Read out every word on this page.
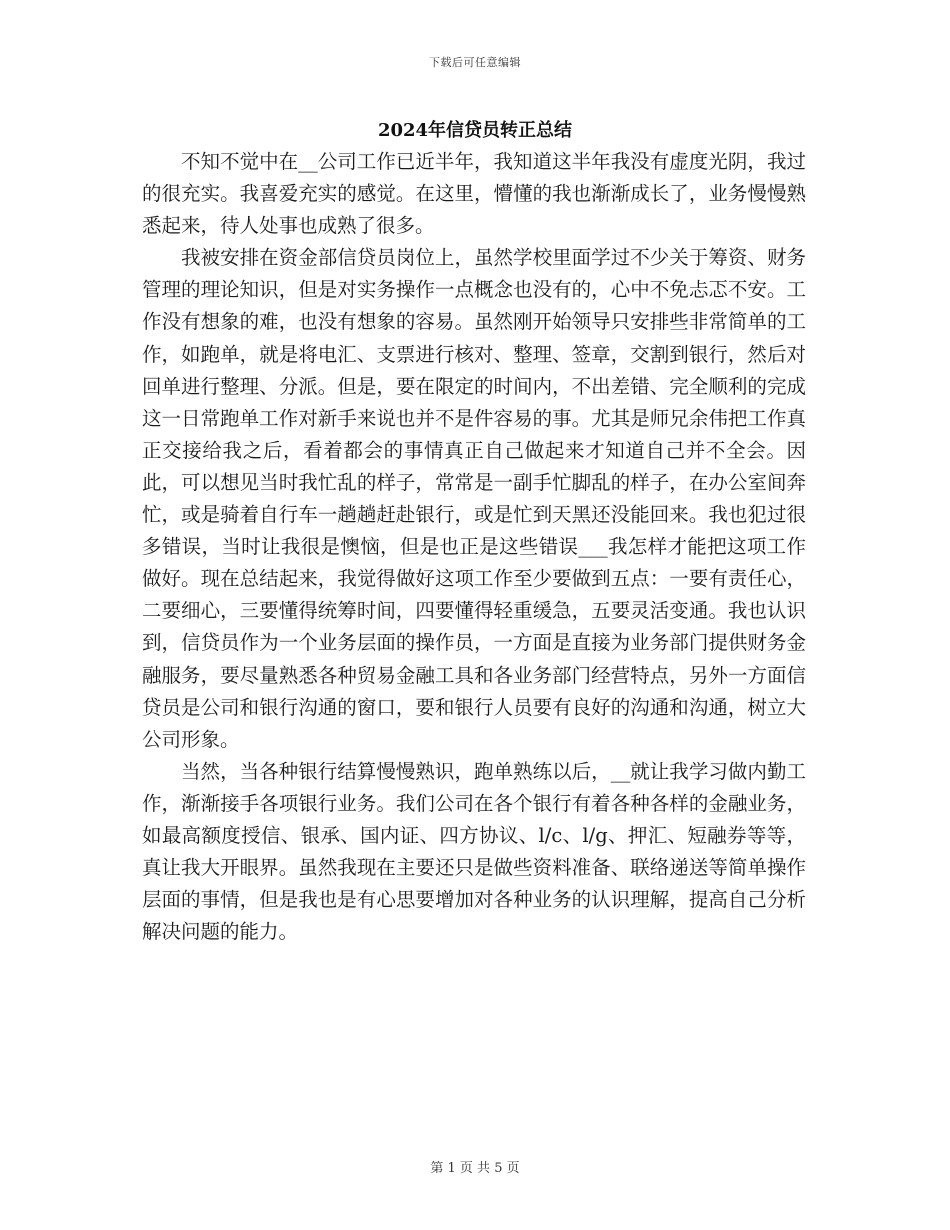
下载后可任意编辑
2024年信贷员转正总结

不知不觉中在__公司工作已近半年，我知道这半年我没有虚度光阴，我过的很充实。我喜爱充实的感觉。在这里，懵懂的我也渐渐成长了，业务慢慢熟悉起来，待人处事也成熟了很多。

我被安排在资金部信贷员岗位上，虽然学校里面学过不少关于筹资、财务管理的理论知识，但是对实务操作一点概念也没有的，心中不免忐忑不安。工作没有想象的难，也没有想象的容易。虽然刚开始领导只安排些非常简单的工作，如跑单，就是将电汇、支票进行核对、整理、签章，交割到银行，然后对回单进行整理、分派。但是，要在限定的时间内，不出差错、完全顺利的完成这一日常跑单工作对新手来说也并不是件容易的事。尤其是师兄余伟把工作真正交接给我之后，看着都会的事情真正自己做起来才知道自己并不全会。因此，可以想见当时我忙乱的样子，常常是一副手忙脚乱的样子，在办公室间奔忙，或是骑着自行车一趟趟赶赴银行，或是忙到天黑还没能回来。我也犯过很多错误，当时让我很是懊恼，但是也正是这些错误___我怎样才能把这项工作做好。现在总结起来，我觉得做好这项工作至少要做到五点：一要有责任心，二要细心，三要懂得统筹时间，四要懂得轻重缓急，五要灵活变通。我也认识到，信贷员作为一个业务层面的操作员，一方面是直接为业务部门提供财务金融服务，要尽量熟悉各种贸易金融工具和各业务部门经营特点，另外一方面信贷员是公司和银行沟通的窗口，要和银行人员要有良好的沟通和沟通，树立大公司形象。

当然，当各种银行结算慢慢熟识，跑单熟练以后，__就让我学习做内勤工作，渐渐接手各项银行业务。我们公司在各个银行有着各种各样的金融业务，如最高额度授信、银承、国内证、四方协议、l/c、l/g、押汇、短融券等等，真让我大开眼界。虽然我现在主要还只是做些资料准备、联络递送等简单操作层面的事情，但是我也是有心思要增加对各种业务的认识理解，提高自己分析解决问题的能力。

第 1 页 共 5 页
